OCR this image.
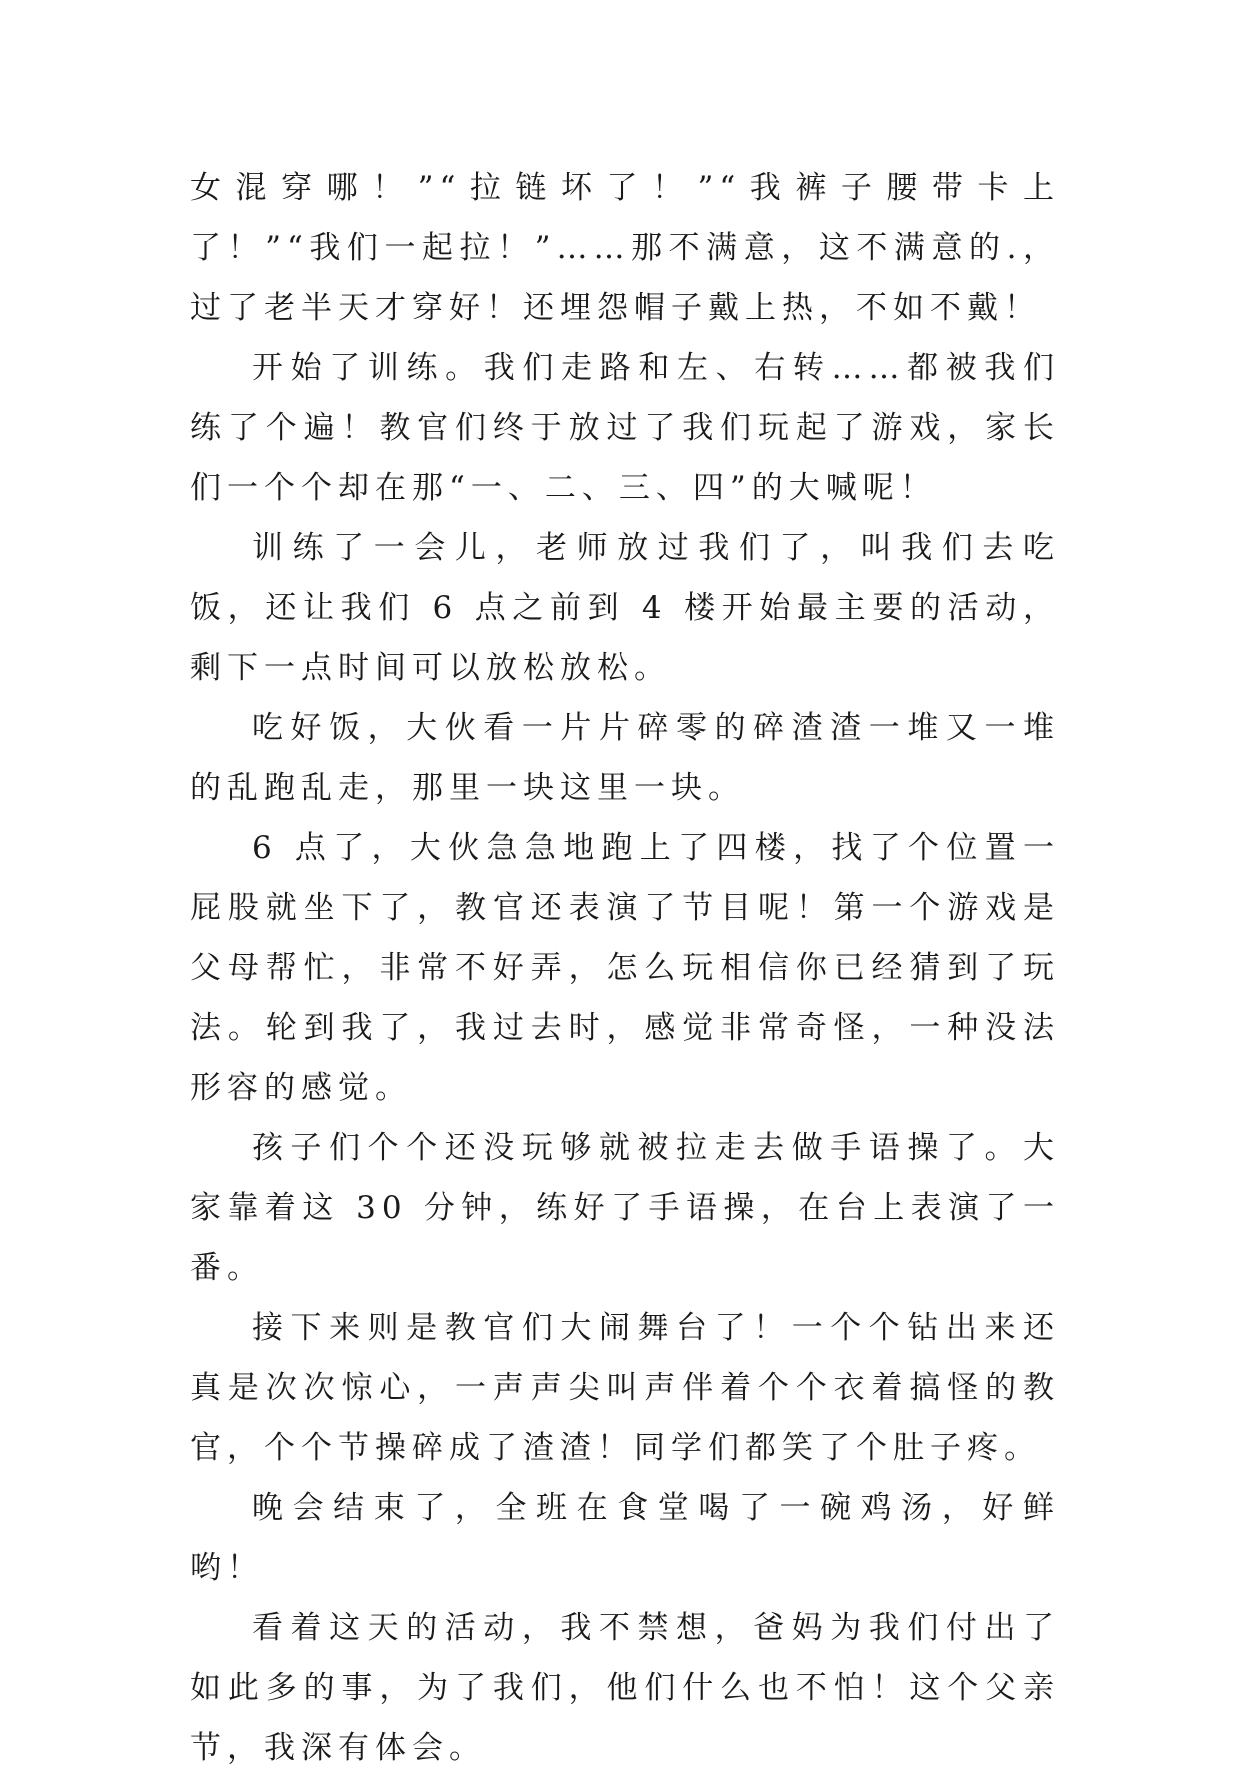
女混穿哪！”“拉链坏了！”“我裤子腰带卡上了！”“我们一起拉！”……那不满意，这不满意的.，过了老半天才穿好！还埋怨帽子戴上热，不如不戴！

开始了训练。我们走路和左、右转……都被我们练了个遍！教官们终于放过了我们玩起了游戏，家长们一个个却在那“一、二、三、四”的大喊呢！

训练了一会儿，老师放过我们了，叫我们去吃饭，还让我们 6 点之前到 4 楼开始最主要的活动，剩下一点时间可以放松放松。

吃好饭，大伙看一片片碎零的碎渣渣一堆又一堆的乱跑乱走，那里一块这里一块。

6 点了，大伙急急地跑上了四楼，找了个位置一屁股就坐下了，教官还表演了节目呢！第一个游戏是父母帮忙，非常不好弄，怎么玩相信你已经猜到了玩法。轮到我了，我过去时，感觉非常奇怪，一种没法形容的感觉。

孩子们个个还没玩够就被拉走去做手语操了。大家靠着这 30 分钟，练好了手语操，在台上表演了一番。

接下来则是教官们大闹舞台了！一个个钻出来还真是次次惊心，一声声尖叫声伴着个个衣着搞怪的教官，个个节操碎成了渣渣！同学们都笑了个肚子疼。

晚会结束了，全班在食堂喝了一碗鸡汤，好鲜哟！

看着这天的活动，我不禁想，爸妈为我们付出了如此多的事，为了我们，他们什么也不怕！这个父亲节，我深有体会。
